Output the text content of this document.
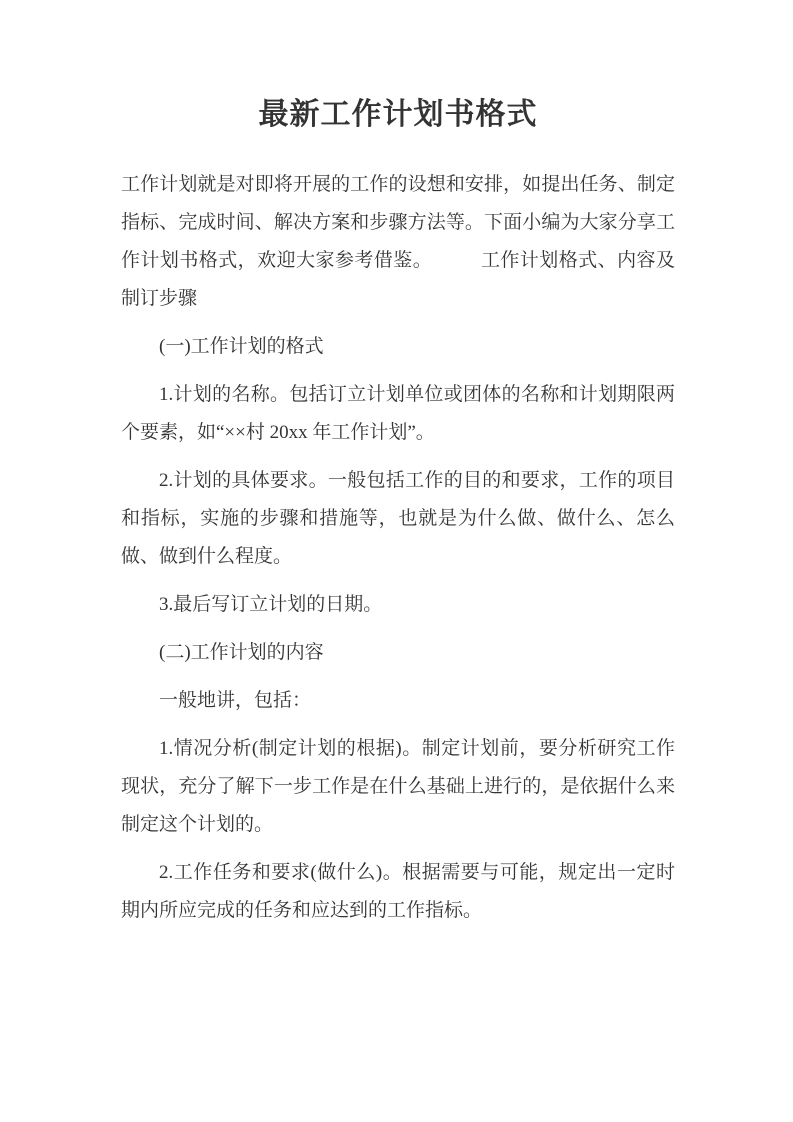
最新工作计划书格式

工作计划就是对即将开展的工作的设想和安排，如提出任务、制定指标、完成时间、解决方案和步骤方法等。下面小编为大家分享工作计划书格式，欢迎大家参考借鉴。　　　工作计划格式、内容及制订步骤

(一)工作计划的格式

1.计划的名称。包括订立计划单位或团体的名称和计划期限两个要素，如“××村 20xx 年工作计划”。

2.计划的具体要求。一般包括工作的目的和要求，工作的项目和指标，实施的步骤和措施等，也就是为什么做、做什么、怎么做、做到什么程度。

3.最后写订立计划的日期。

(二)工作计划的内容

一般地讲，包括：

1.情况分析(制定计划的根据)。制定计划前，要分析研究工作现状，充分了解下一步工作是在什么基础上进行的，是依据什么来制定这个计划的。

2.工作任务和要求(做什么)。根据需要与可能，规定出一定时期内所应完成的任务和应达到的工作指标。
